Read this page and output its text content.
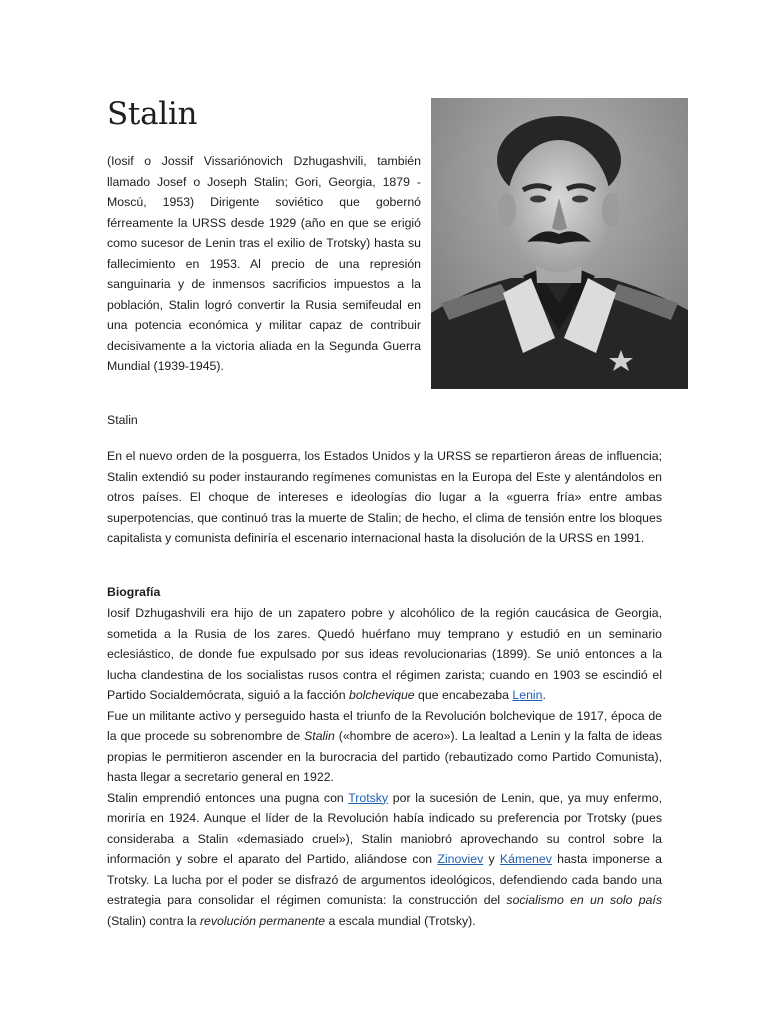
Stalin

(Iosif o Jossif Vissariónovich Dzhugashvili, también llamado Josef o Joseph Stalin; Gori, Georgia, 1879 - Moscú, 1953) Dirigente soviético que gobernó férreamente la URSS desde 1929 (año en que se erigió como sucesor de Lenin tras el exilio de Trotsky) hasta su fallecimiento en 1953. Al precio de una represión sanguinaria y de inmensos sacrificios impuestos a la población, Stalin logró convertir la Rusia semifeudal en una potencia económica y militar capaz de contribuir decisivamente a la victoria aliada en la Segunda Guerra Mundial (1939-1945).

Stalin

En el nuevo orden de la posguerra, los Estados Unidos y la URSS se repartieron áreas de influencia; Stalin extendió su poder instaurando regímenes comunistas en la Europa del Este y alentándolos en otros países. El choque de intereses e ideologías dio lugar a la «guerra fría» entre ambas superpotencias, que continuó tras la muerte de Stalin; de hecho, el clima de tensión entre los bloques capitalista y comunista definiría el escenario internacional hasta la disolución de la URSS en 1991.

Biografía

Iosif Dzhugashvili era hijo de un zapatero pobre y alcohólico de la región caucásica de Georgia, sometida a la Rusia de los zares. Quedó huérfano muy temprano y estudió en un seminario eclesiástico, de donde fue expulsado por sus ideas revolucionarias (1899). Se unió entonces a la lucha clandestina de los socialistas rusos contra el régimen zarista; cuando en 1903 se escindió el Partido Socialdemócrata, siguió a la facción bolchevique que encabezaba Lenin.
Fue un militante activo y perseguido hasta el triunfo de la Revolución bolchevique de 1917, época de la que procede su sobrenombre de Stalin («hombre de acero»). La lealtad a Lenin y la falta de ideas propias le permitieron ascender en la burocracia del partido (rebautizado como Partido Comunista), hasta llegar a secretario general en 1922.
Stalin emprendió entonces una pugna con Trotsky por la sucesión de Lenin, que, ya muy enfermo, moriría en 1924. Aunque el líder de la Revolución había indicado su preferencia por Trotsky (pues consideraba a Stalin «demasiado cruel»), Stalin maniobró aprovechando su control sobre la información y sobre el aparato del Partido, aliándose con Zinoviev y Kámenev hasta imponerse a Trotsky. La lucha por el poder se disfrazó de argumentos ideológicos, defendiendo cada bando una estrategia para consolidar el régimen comunista: la construcción del socialismo en un solo país (Stalin) contra la revolución permanente a escala mundial (Trotsky).
